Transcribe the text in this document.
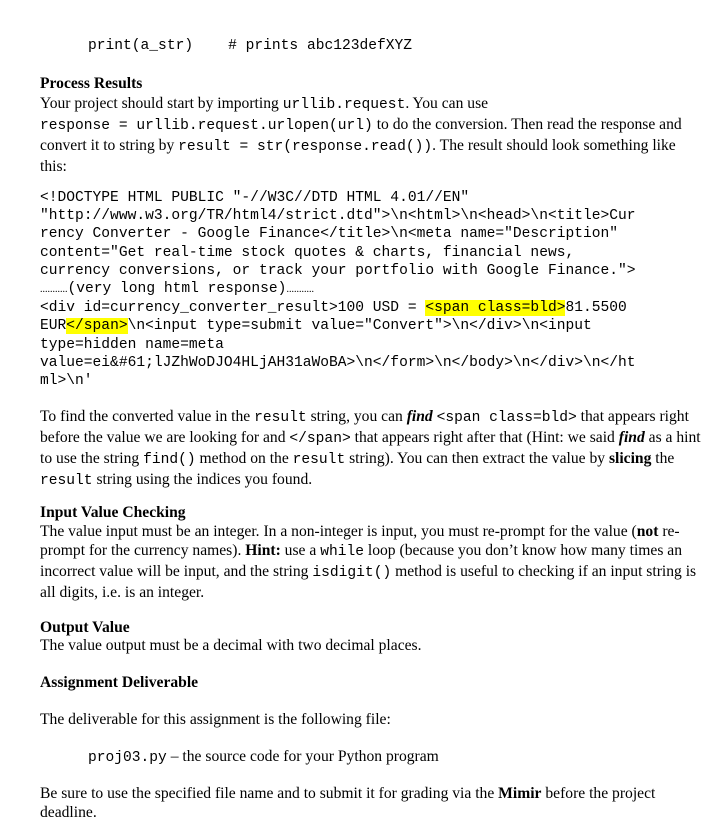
print(a_str) # prints abc123defXYZ
Process Results
Your project should start by importing urllib.request. You can use
response = urllib.request.urlopen(url) to do the conversion. Then read the response and convert it to string by result = str(response.read()). The result should look something like this:
<!DOCTYPE HTML PUBLIC "-//W3C//DTD HTML 4.01//EN"
"http://www.w3.org/TR/html4/strict.dtd">\n<html>\n<head>\n<title>Cur
rency Converter - Google Finance</title>\n<meta name="Description"
content="Get real-time stock quotes & charts, financial news,
currency conversions, or track your portfolio with Google Finance.">
...........(very long html response)...........
<div id=currency_converter_result>100 USD = <span class=bld>81.5500
EUR</span>\n<input type=submit value="Convert">\n</div>\n<input
type=hidden name=meta
value=ei&#61;lJZhWoDJO4HLjAH31aWoBA>\n</form>\n</body>\n</div>\n</ht
ml>\n'
To find the converted value in the result string, you can find <span class=bld> that appears right before the value we are looking for and </span> that appears right after that (Hint: we said find as a hint to use the string find() method on the result string). You can then extract the value by slicing the result string using the indices you found.
Input Value Checking
The value input must be an integer. In a non-integer is input, you must re-prompt for the value (not re-prompt for the currency names). Hint: use a while loop (because you don’t know how many times an incorrect value will be input, and the string isdigit() method is useful to checking if an input string is all digits, i.e. is an integer.
Output Value
The value output must be a decimal with two decimal places.
Assignment Deliverable
The deliverable for this assignment is the following file:
proj03.py – the source code for your Python program
Be sure to use the specified file name and to submit it for grading via the Mimir before the project deadline.
